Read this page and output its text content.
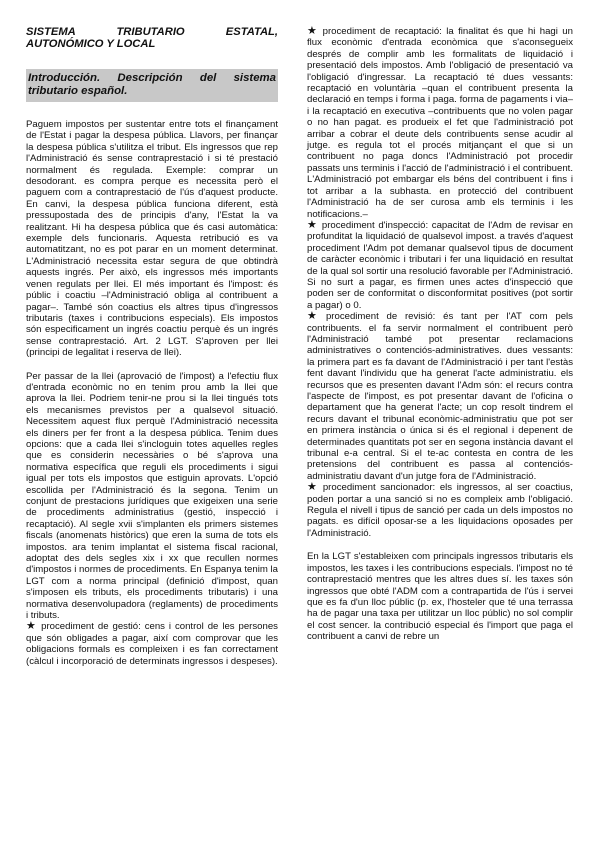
SISTEMA TRIBUTARIO ESTATAL, AUTONÓMICO Y LOCAL
Introducción. Descripción del sistema tributario español.

Paguem impostos per sustentar entre tots el finançament de l'Estat i pagar la despesa pública. Llavors, per finançar la despesa pública s'utilitza el tribut. Els ingressos que rep l'Administració és sense contraprestació i si té prestació normalment és regulada. Exemple: comprar un desodorant. es compra perque es necessita però el paguem com a contraprestació de l'ús d'aquest producte. En canvi, la despesa pública funciona diferent, està pressupostada des de principis d'any, l'Estat la va realitzant. Hi ha despesa pública que és casi automàtica: exemple dels funcionaris. Aquesta retribució es va automatitzant, no es pot parar en un moment determinat. L'Administració necessita estar segura de que obtindrà aquests ingrés. Per això, els ingressos més importants venen regulats per llei. El més important és l'impost: és públic i coactiu –l'Administració obliga al contribuent a pagar–. També són coactius els altres tipus d'ingressos tributaris (taxes i contribucions especials). Els impostos són especificament un ingrés coactiu perquè és un ingrés sense contraprestació. Art. 2 LGT. S'aproven per llei (principi de legalitat i reserva de llei).

Per passar de la llei (aprovació de l'impost) a l'efectiu flux d'entrada econòmic no en tenim prou amb la llei que aprova la llei. Podriem tenir-ne prou si la llei tingués tots els mecanismes previstos per a qualsevol situació. Necessitem aquest flux perquè l'Administració necessita els diners per fer front a la despesa pública. Tenim dues opcions: que a cada llei s'incloguin totes aquelles regles que es considerin necessàries o bé s'aprova una normativa específica que reguli els procediments i sigui igual per tots els impostos que estiguin aprovats. L'opció escollida per l'Administració és la segona. Tenim un conjunt de prestacions jurídiques que exigeixen una serie de procediments administratius (gestió, inspecció i recaptació). Al segle xvii s'implanten els primers sistemes fiscals (anomenats històrics) que eren la suma de tots els impostos. ara tenim implantat el sistema fiscal racional, adoptat des dels segles xix i xx que recullen normes d'impostos i normes de procediments. En Espanya tenim la LGT com a norma principal (definició d'impost, quan s'imposen els tributs, els procediments tributaris) i una normativa desenvolupadora (reglaments) de procediments i tributs.

★ procediment de gestió: cens i control de les persones que són obligades a pagar, així com comprovar que les obligacions formals es compleixen i es fan correctament (càlcul i incorporació de determinats ingressos i despeses).

★ procediment de recaptació: la finalitat és que hi hagi un flux econòmic d'entrada econòmica que s'aconsegueix després de complir amb les formalitats de liquidació i presentació dels impostos. Amb l'obligació de presentació va l'obligació d'ingressar. La recaptació té dues vessants: recaptació en voluntària –quan el contribuent presenta la declaració en temps i forma i paga. forma de pagaments i via– i la recaptació en executiva –contribuents que no volen pagar o no han pagat. es produeix el fet que l'administració pot arribar a cobrar el deute dels contribuents sense acudir al jutge. es regula tot el procés mitjançant el que si un contribuent no paga doncs l'Administració pot procedir passats uns terminis i l'acció de l'administració i el contribuent. L'Administració pot embargar els béns del contribuent i fins i tot arribar a la subhasta. en protecció del contribuent l'Administració ha de ser curosa amb els terminis i les notificacions.–

★ procediment d'inspecció: capacitat de l'Adm de revisar en profunditat la liquidació de qualsevol impost. a través d'aquest procediment l'Adm pot demanar qualsevol tipus de document de caràcter econòmic i tributari i fer una liquidació en resultat de la qual sol sortir una resolució favorable per l'Administració. Si no surt a pagar, es firmen unes actes d'inspecció que poden ser de conformitat o disconformitat positives (pot sortir a pagar) o 0.

★ procediment de revisió: és tant per l'AT com pels contribuents. el fa servir normalment el contribuent però l'Administració també pot presentar reclamacions administratives o contenciós-administratives. dues vessants: la primera part es fa davant de l'Administració i per tant l'estàs fent davant l'individu que ha generat l'acte administratiu. els recursos que es presenten davant l'Adm són: el recurs contra l'aspecte de l'impost, es pot presentar davant de l'oficina o departament que ha generat l'acte; un cop resolt tindrem el recurs davant el tribunal econòmic-administratiu que pot ser en primera instància o única si és el regional i depenent de determinades quantitats pot ser en segona instància davant el tribunal e-a central. Si el te-ac contesta en contra de les pretensions del contribuent es passa al contenciós-administratiu davant d'un jutge fora de l'Administració.

★ procediment sancionador: els ingressos, al ser coactius, poden portar a una sanció si no es compleix amb l'obligació. Regula el nivell i tipus de sanció per cada un dels impostos no pagats. es difícil oposar-se a les liquidacions oposades per l'Administració.

En la LGT s'estableixen com principals ingressos tributaris els impostos, les taxes i les contribucions especials. l'impost no té contraprestació mentres que les altres dues sí. les taxes són ingressos que obté l'ADM com a contrapartida de l'ús i servei que es fa d'un lloc públic (p. ex, l'hosteler que té una terrassa ha de pagar una taxa per utilitzar un lloc públic) no sol complir el cost sencer. la contribució especial és l'import que paga el contribuent a canvi de rebre un
